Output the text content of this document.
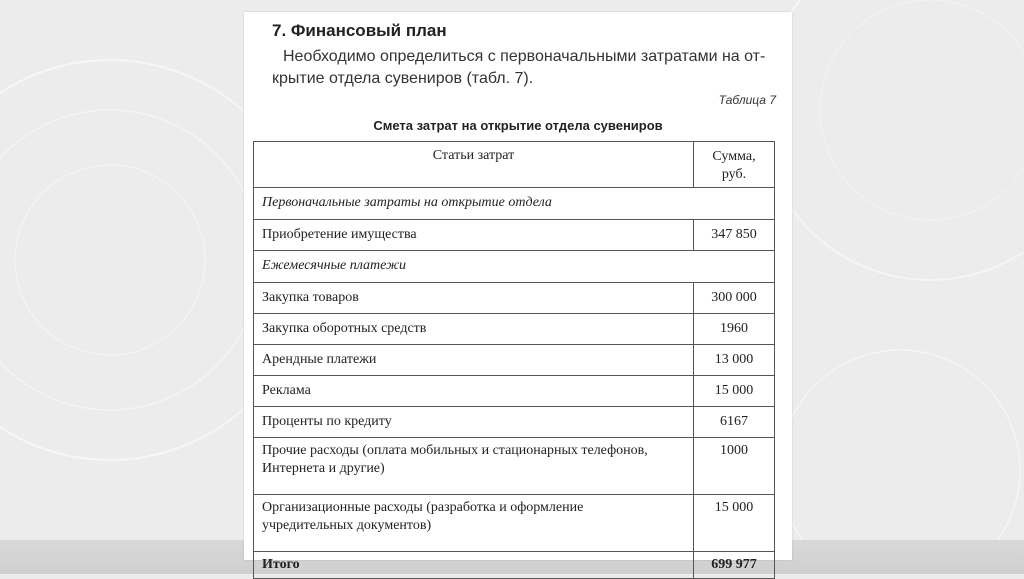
7. Финансовый план
Необходимо определиться с первоначальными затратами на от-
крытие отдела сувениров (табл. 7).
Таблица 7
Смета затрат на открытие отдела сувениров
Статьи затрат	Сумма,
руб.
Первоначальные затраты на открытие отдела	
Приобретение имущества	347 850
Ежемесячные платежи	
Закупка товаров	300 000
Закупка оборотных средств	1960
Арендные платежи	13 000
Реклама	15 000
Проценты по кредиту	6167
Прочие расходы (оплата мобильных и стационарных телефонов,
Интернета и другие)	1000
Организационные расходы (разработка и оформление
учредительных документов)	15 000
Итого	699 977
